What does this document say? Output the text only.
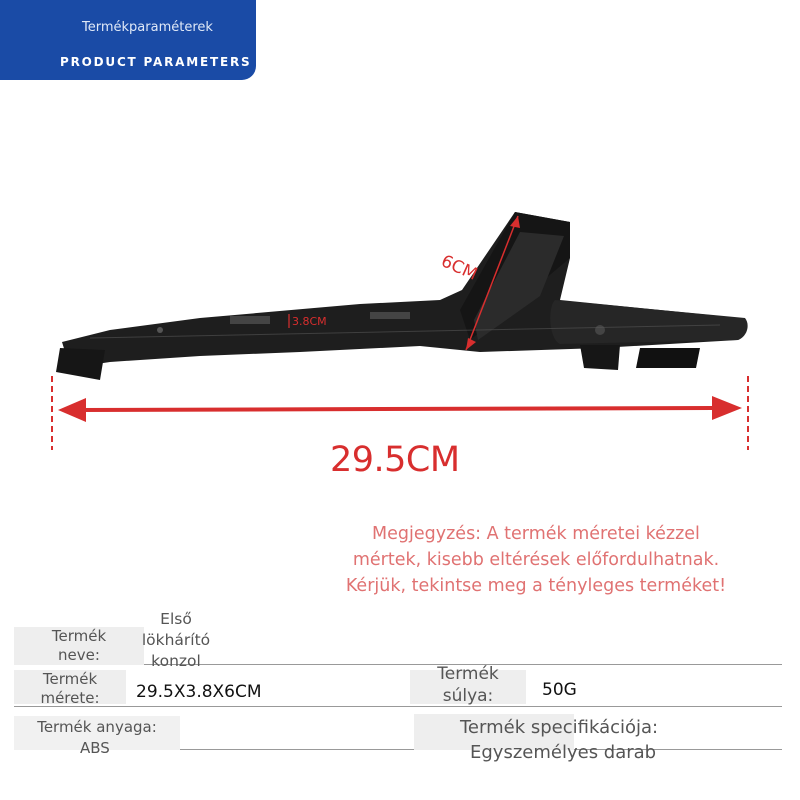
Termékparaméterek
PRODUCT PARAMETERS
6CM
3.8CM
29.5CM
Megjegyzés: A termék méretei kézzel
mértek, kisebb eltérések előfordulhatnak.
Kérjük, tekintse meg a tényleges terméket!
Termék neve:
Első lökhárító konzol
Termék mérete:	29.5X3.8X6CM
Termék súlya:	50G
Termék anyaga:
ABS
Termék specifikációja:
Egyszemélyes darab
